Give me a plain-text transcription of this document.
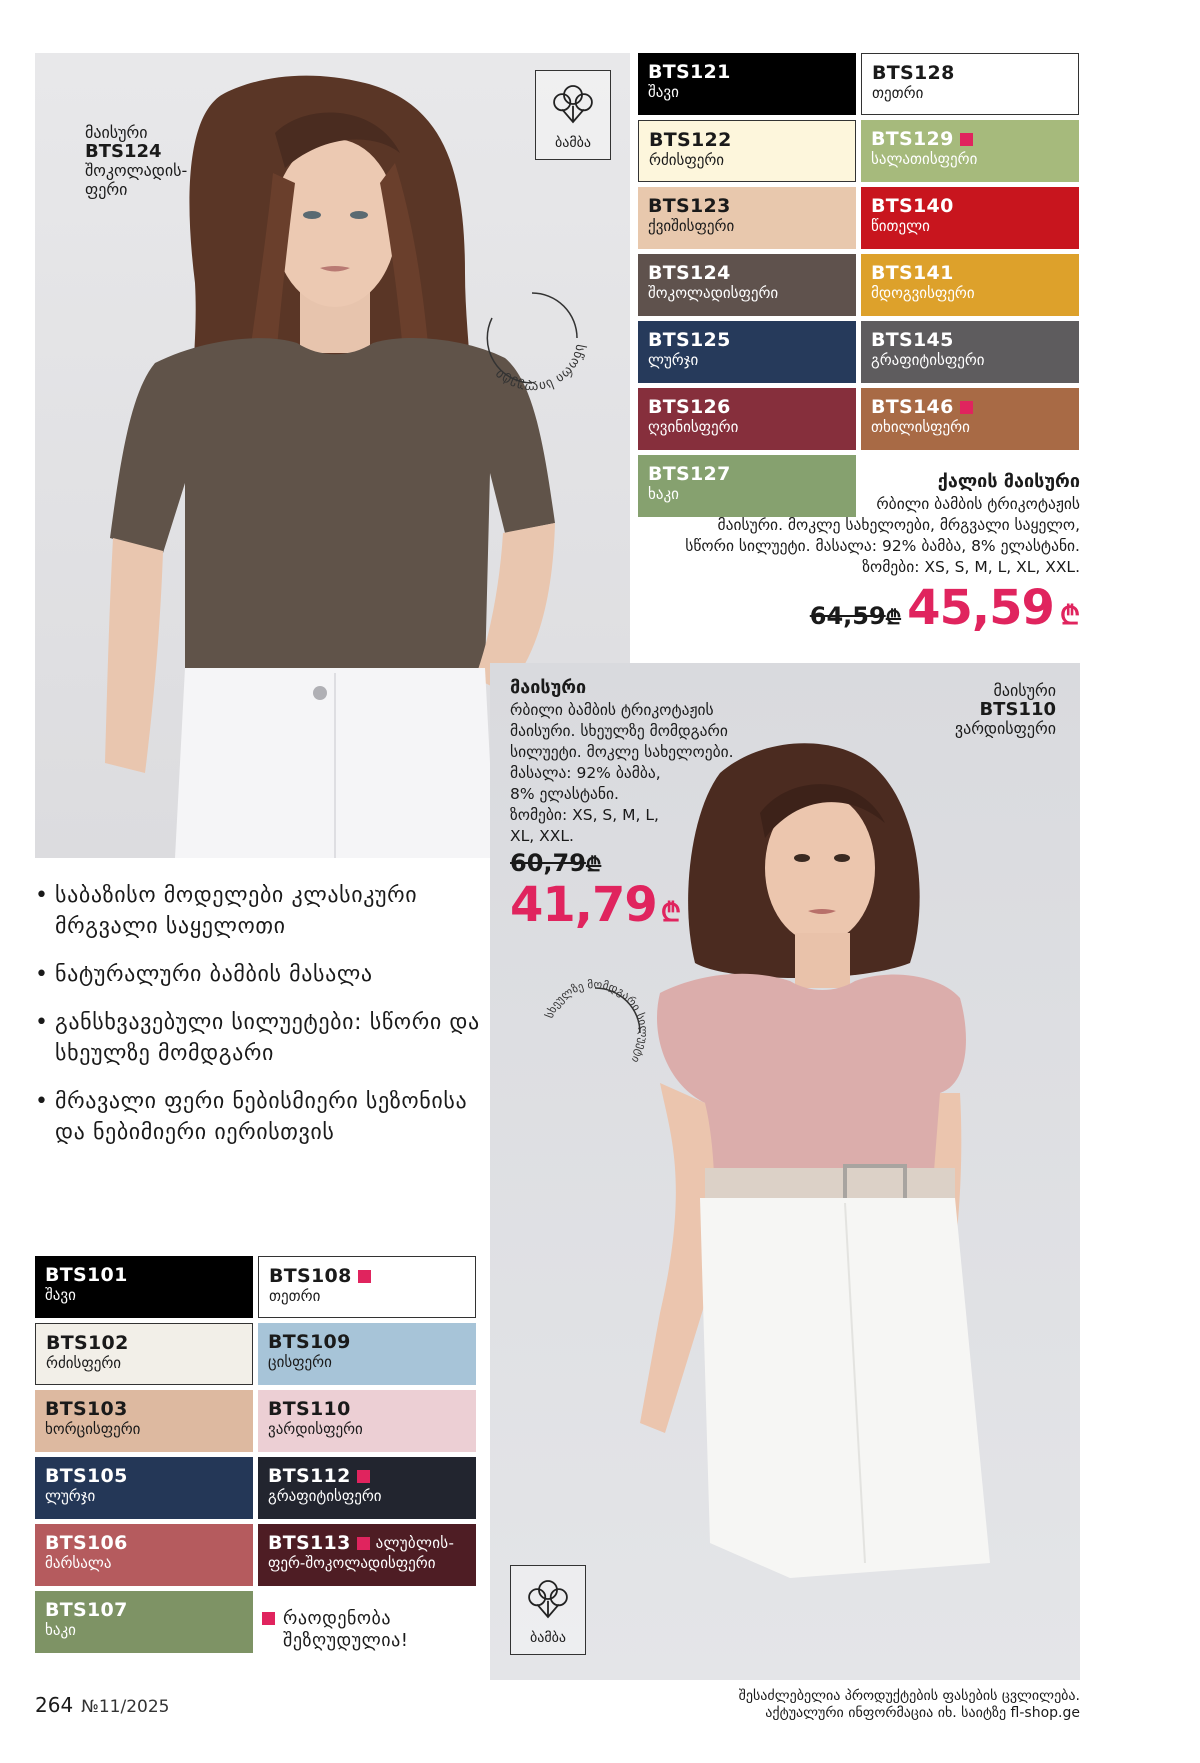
მაისური
BTS124
შოკოლადის-
ფერი
ბამბა
სწორი სილუეტი
BTS121
შავი
BTS128
თეთრი
BTS122
რძისფერი
BTS129
სალათისფერი
BTS123
ქვიშისფერი
BTS140
წითელი
BTS124
შოკოლადისფერი
BTS141
მდოგვისფერი
BTS125
ლურჯი
BTS145
გრაფიტისფერი
BTS126
ღვინისფერი
BTS146
თხილისფერი
BTS127
ხაკი
ქალის მაისური
რბილი ბამბის ტრიკოტაჟის
მაისური. მოკლე სახელოები, მრგვალი საყელო,
სწორი სილუეტი. მასალა: 92% ბამბა, 8% ელასტანი.
ზომები: XS, S, M, L, XL, XXL.
64,59₾ 45,59 ₾
მაისური
BTS110
ვარდისფერი
ბამბა
სხეულზე მომდგარი სილუეტი
მაისური
რბილი ბამბის ტრიკოტაჟის
მაისური. სხეულზე მომდგარი
სილუეტი. მოკლე სახელოები.
მასალა: 92% ბამბა,
8% ელასტანი.
ზომები: XS, S, M, L,
XL, XXL.
60,79₾
41,79 ₾
• საბაზისო მოდელები კლასიკური მრგვალი საყელოთი
• ნატურალური ბამბის მასალა
• განსხვავებული სილუეტები: სწორი და სხეულზე მომდგარი
• მრავალი ფერი ნებისმიერი სეზონისა და ნებიმიერი იერისთვის
BTS101
შავი
BTS108
თეთრი
BTS102
რძისფერი
BTS109
ცისფერი
BTS103
ხორცისფერი
BTS110
ვარდისფერი
BTS105
ლურჯი
BTS112
გრაფიტისფერი
BTS106
მარსალა
BTS113 ალუბლის-
ფერ-შოკოლადისფერი
BTS107
ხაკი
რაოდენობა
შეზღუდულია!
264 №11/2025
შესაძლებელია პროდუქტების ფასების ცვლილება.
აქტუალური ინფორმაცია იხ. საიტზე fl-shop.ge
